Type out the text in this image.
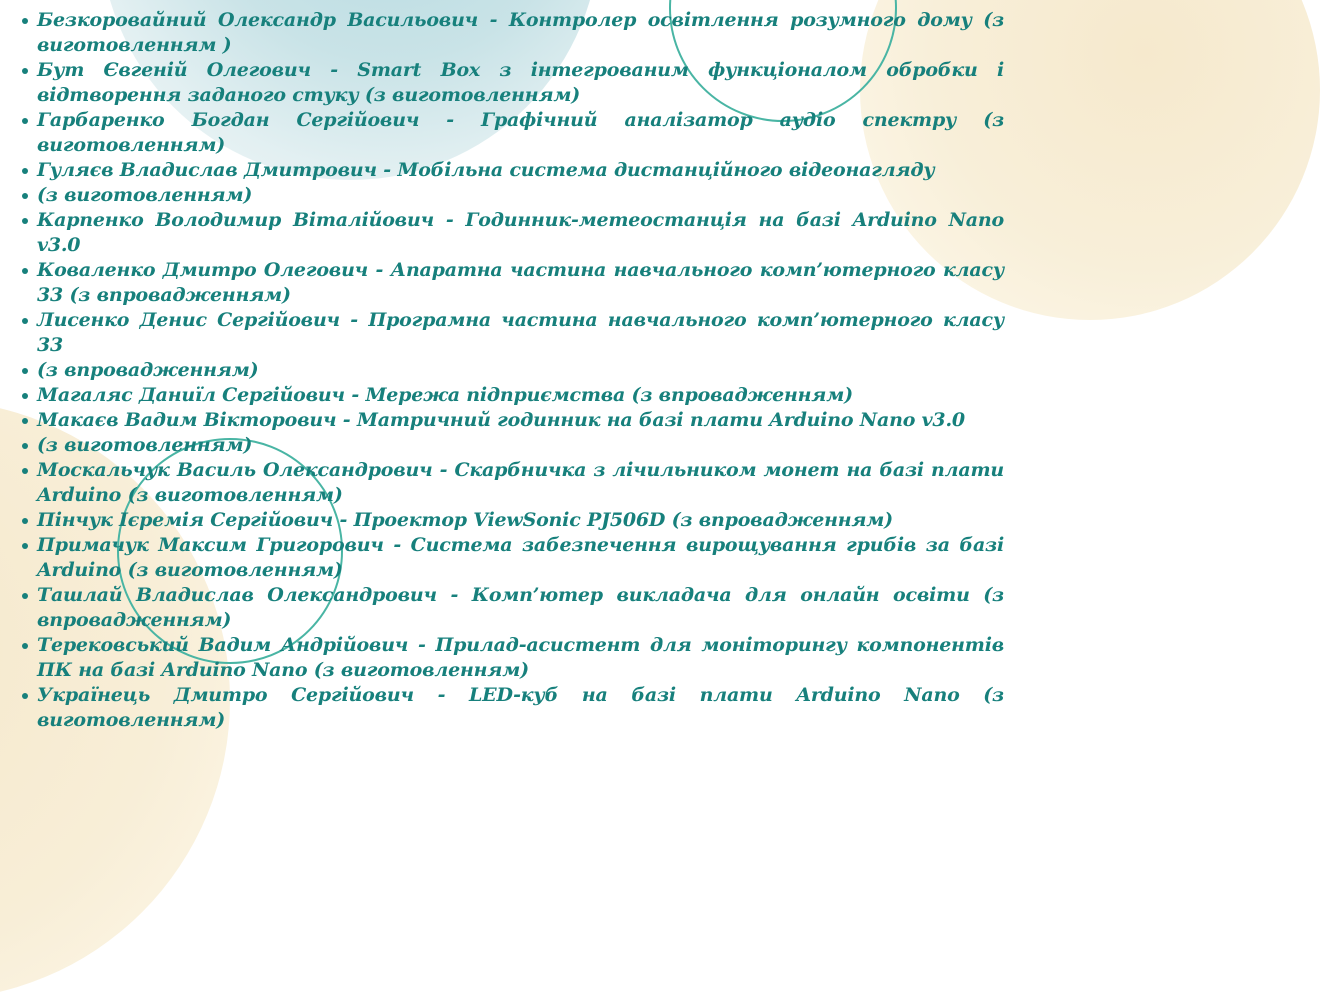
Безкоровайний Олександр Васильович - Контролер освітлення розумного дому (з виготовленням )
Бут Євгеній Олегович - Smart Box з інтегрованим функціоналом обробки і відтворення заданого стуку (з виготовленням)
Гарбаренко Богдан Сергійович - Графічний аналізатор аудіо спектру (з виготовленням)
Гуляєв Владислав Дмитрович - Мобільна система дистанційного відеонагляду
(з виготовленням)
Карпенко Володимир Віталійович - Годинник-метеостанція на базі Arduino Nano v3.0
Коваленко Дмитро Олегович - Апаратна частина навчального комп’ютерного класу 33 (з впровадженням)
Лисенко Денис Сергійович - Програмна частина навчального комп’ютерного класу 33
(з впровадженням)
Магаляс Даниїл Сергійович - Мережа підприємства (з впровадженням)
Макаєв Вадим Вікторович - Матричний годинник на базі плати Arduino Nano v3.0
(з виготовленням)
Москальчук Василь Олександрович - Скарбничка з лічильником монет на базі плати Arduino (з виготовленням)
Пінчук Ієремія Сергійович - Проектор ViewSonic PJ506D (з впровадженням)
Примачук Максим Григорович - Система забезпечення вирощування грибів за базі Arduino (з виготовленням)
Ташлай Владислав Олександрович - Комп’ютер викладача для онлайн освіти (з впровадженням)
Терековський Вадим Андрійович - Прилад-асистент для моніторингу компонентів ПК на базі Arduino Nano (з виготовленням)
Українець Дмитро Сергійович - LED-куб на базі плати Arduino Nano (з виготовленням)
